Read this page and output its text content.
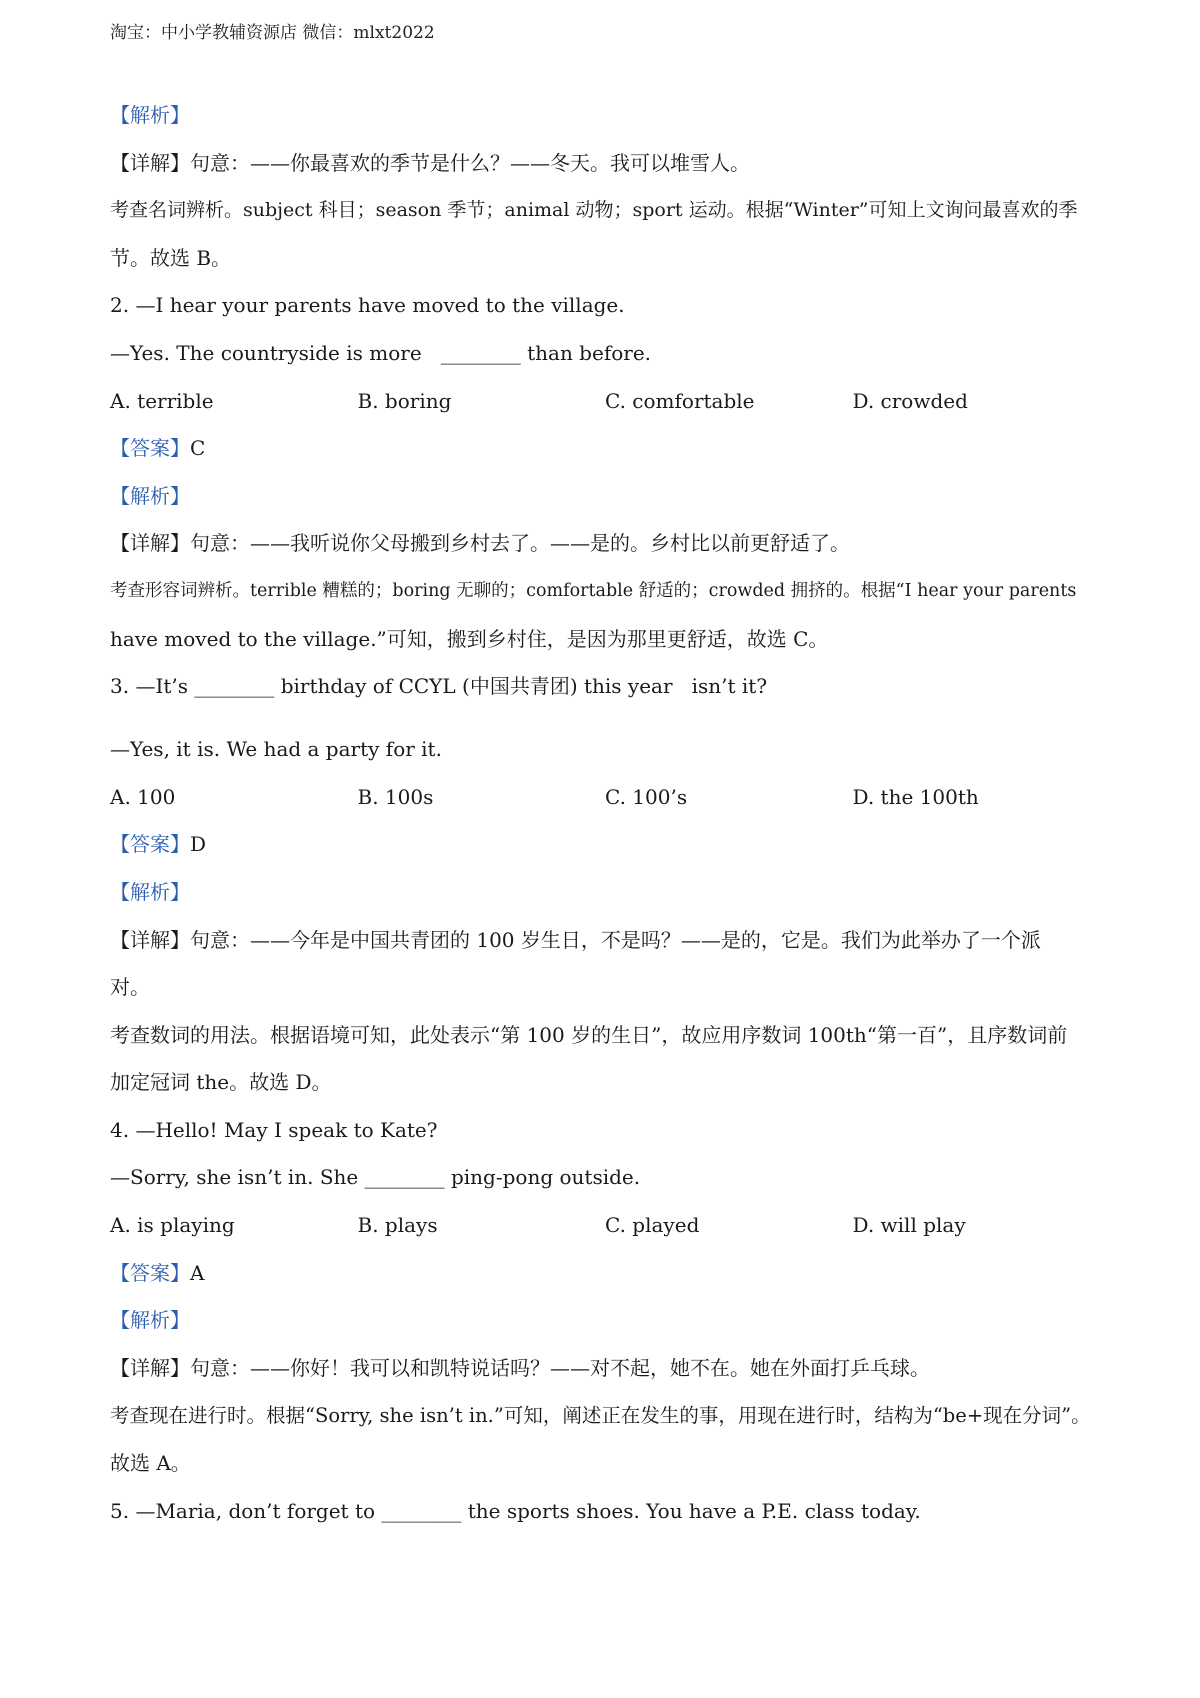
淘宝：中小学教辅资源店 微信：mlxt2022
【解析】
【详解】句意：——你最喜欢的季节是什么？——冬天。我可以堆雪人。
考查名词辨析。subject 科目；season 季节；animal 动物；sport 运动。根据“Winter”可知上文询问最喜欢的季
节。故选 B。
2. —I hear your parents have moved to the village.
—Yes. The countryside is more   ________ than before.
A. terrible	B. boring	C. comfortable	D. crowded
【答案】C
【解析】
【详解】句意：——我听说你父母搬到乡村去了。——是的。乡村比以前更舒适了。
考查形容词辨析。terrible 糟糕的；boring 无聊的；comfortable 舒适的；crowded 拥挤的。根据“I hear your parents
have moved to the village.”可知，搬到乡村住，是因为那里更舒适，故选 C。
3. —It’s ________ birthday of CCYL (中国共青团) this year   isn’t it?
—Yes, it is. We had a party for it.
A. 100	B. 100s	C. 100’s	D. the 100th
【答案】D
【解析】
【详解】句意：——今年是中国共青团的 100 岁生日，不是吗？——是的，它是。我们为此举办了一个派
对。
考查数词的用法。根据语境可知，此处表示“第 100 岁的生日”，故应用序数词 100th“第一百”，且序数词前
加定冠词 the。故选 D。
4. —Hello! May I speak to Kate?
—Sorry, she isn’t in. She ________ ping-pong outside.
A. is playing	B. plays	C. played	D. will play
【答案】A
【解析】
【详解】句意：——你好！我可以和凯特说话吗？——对不起，她不在。她在外面打乒乓球。
考查现在进行时。根据“Sorry, she isn’t in.”可知，阐述正在发生的事，用现在进行时，结构为“be+现在分词”。
故选 A。
5. —Maria, don’t forget to ________ the sports shoes. You have a P.E. class today.
